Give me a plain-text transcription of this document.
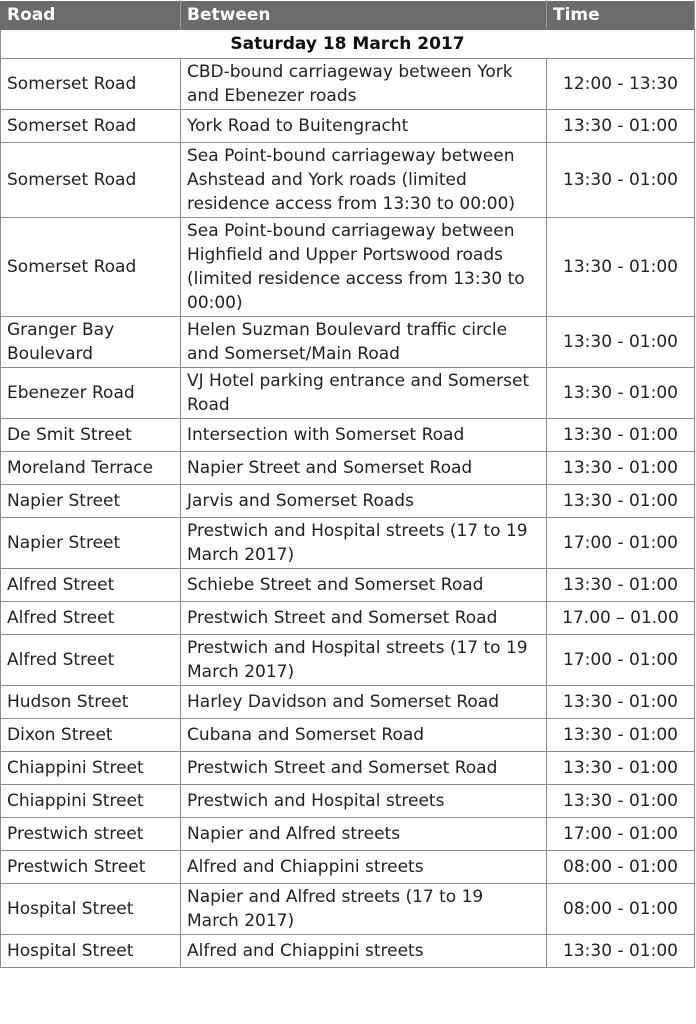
Road	Between	Time
Saturday 18 March 2017		
Somerset Road	CBD-bound carriageway between York and Ebenezer roads	12:00 - 13:30
Somerset Road	York Road to Buitengracht	13:30 - 01:00
Somerset Road	Sea Point-bound carriageway between Ashstead and York roads (limited residence access from 13:30 to 00:00)	13:30 - 01:00
Somerset Road	Sea Point-bound carriageway between Highfield and Upper Portswood roads (limited residence access from 13:30 to 00:00)	13:30 - 01:00
Granger Bay Boulevard	Helen Suzman Boulevard traffic circle and Somerset/Main Road	13:30 - 01:00
Ebenezer Road	VJ Hotel parking entrance and Somerset Road	13:30 - 01:00
De Smit Street	Intersection with Somerset Road	13:30 - 01:00
Moreland Terrace	Napier Street and Somerset Road	13:30 - 01:00
Napier Street	Jarvis and Somerset Roads	13:30 - 01:00
Napier Street	Prestwich and Hospital streets (17 to 19 March 2017)	17:00 - 01:00
Alfred Street	Schiebe Street and Somerset Road	13:30 - 01:00
Alfred Street	Prestwich Street and Somerset Road	17.00 – 01.00
Alfred Street	Prestwich and Hospital streets (17 to 19 March 2017)	17:00 - 01:00
Hudson Street	Harley Davidson and Somerset Road	13:30 - 01:00
Dixon Street	Cubana and Somerset Road	13:30 - 01:00
Chiappini Street	Prestwich Street and Somerset Road	13:30 - 01:00
Chiappini Street	Prestwich and Hospital streets	13:30 - 01:00
Prestwich street	Napier and Alfred streets	17:00 - 01:00
Prestwich Street	Alfred and Chiappini streets	08:00 - 01:00
Hospital Street	Napier and Alfred streets (17 to 19 March 2017)	08:00 - 01:00
Hospital Street	Alfred and Chiappini streets	13:30 - 01:00
